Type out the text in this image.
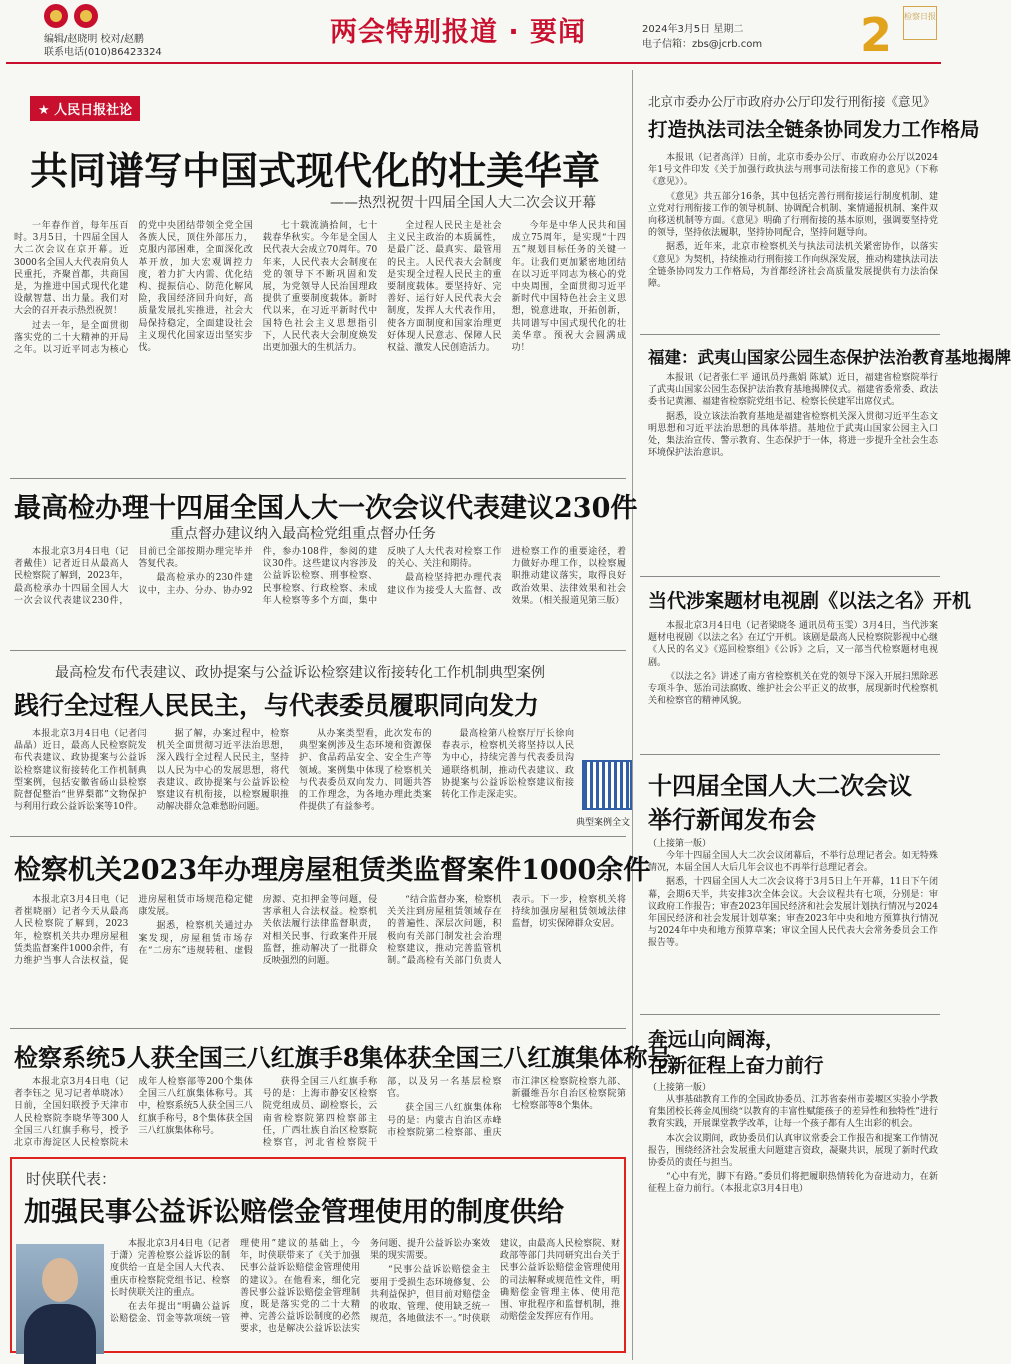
编辑/赵晓明 校对/赵鹏
联系电话(010)86423324
两会特别报道 · 要闻	2024年3月5日 星期二
电子信箱：zbs@jcrb.com 2 检察日报
★ 人民日报社论
共同谱写中国式现代化的壮美华章
——热烈祝贺十四届全国人大二次会议开幕

一年春作首，每年压百时。3月5日，十四届全国人大二次会议在京开幕。近3000名全国人大代表肩负人民重托，齐聚首都，共商国是，为推进中国式现代化建设献智慧、出力量。我们对大会的召开表示热烈祝贺！

过去一年，是全面贯彻落实党的二十大精神的开局之年。以习近平同志为核心的党中央团结带领全党全国各族人民，顶住外部压力，克服内部困难，全面深化改革开放，加大宏观调控力度，着力扩大内需、优化结构、提振信心、防范化解风险，我国经济回升向好，高质量发展扎实推进，社会大局保持稳定，全面建设社会主义现代化国家迈出坚实步伐。

七十载流淌拾间，七十载春华秋实。今年是全国人民代表大会成立70周年。70年来，人民代表大会制度在党的领导下不断巩固和发展，为党领导人民治国理政提供了重要制度载体。新时代以来，在习近平新时代中国特色社会主义思想指引下，人民代表大会制度焕发出更加强大的生机活力。

全过程人民民主是社会主义民主政治的本质属性，是最广泛、最真实、最管用的民主。人民代表大会制度是实现全过程人民民主的重要制度载体。要坚持好、完善好、运行好人民代表大会制度，发挥人大代表作用，使各方面制度和国家治理更好体现人民意志、保障人民权益、激发人民创造活力。

今年是中华人民共和国成立75周年，是实现“十四五”规划目标任务的关键一年。让我们更加紧密地团结在以习近平同志为核心的党中央周围，全面贯彻习近平新时代中国特色社会主义思想，锐意进取，开拓创新，共同谱写中国式现代化的壮美华章。预祝大会圆满成功！

最高检办理十四届全国人大一次会议代表建议230件
重点督办建议纳入最高检党组重点督办任务

本报北京3月4日电（记者戴佳）记者近日从最高人民检察院了解到，2023年，最高检承办十四届全国人大一次会议代表建议230件，目前已全部按期办理完毕并答复代表。

最高检承办的230件建议中，主办、分办、协办92件，参办108件，参阅的建议30件。这些建议内容涉及公益诉讼检察、刑事检察、民事检察、行政检察、未成年人检察等多个方面，集中反映了人大代表对检察工作的关心、关注和期待。

最高检坚持把办理代表建议作为接受人大监督、改进检察工作的重要途径，着力做好办理工作，以检察履职推动建议落实，取得良好政治效果、法律效果和社会效果。（相关报道见第三版）

最高检发布代表建议、政协提案与公益诉讼检察建议衔接转化工作机制典型案例
践行全过程人民民主，与代表委员履职同向发力

本报北京3月4日电（记者闫晶晶）近日，最高人民检察院发布代表建议、政协提案与公益诉讼检察建议衔接转化工作机制典型案例，包括安徽省砀山县检察院督促整治“世界梨都”文物保护与利用行政公益诉讼案等10件。

据了解，办案过程中，检察机关全面贯彻习近平法治思想，深入践行全过程人民民主，坚持以人民为中心的发展思想，将代表建议、政协提案与公益诉讼检察建议有机衔接，以检察履职推动解决群众急难愁盼问题。

从办案类型看，此次发布的典型案例涉及生态环境和资源保护、食品药品安全、安全生产等领域。案例集中体现了检察机关与代表委员双向发力、同题共答的工作理念，为各地办理此类案件提供了有益参考。

最高检第八检察厅厅长徐向春表示，检察机关将坚持以人民为中心，持续完善与代表委员沟通联络机制，推动代表建议、政协提案与公益诉讼检察建议衔接转化工作走深走实。

典型案例全文
检察机关2023年办理房屋租赁类监督案件1000余件

本报北京3月4日电（记者崔晓丽）记者今天从最高人民检察院了解到，2023年，检察机关共办理房屋租赁类监督案件1000余件，有力维护当事人合法权益，促进房屋租赁市场规范稳定健康发展。

据悉，检察机关通过办案发现，房屋租赁市场存在“二房东”违规转租、虚假房源、克扣押金等问题，侵害承租人合法权益。检察机关依法履行法律监督职责，对相关民事、行政案件开展监督，推动解决了一批群众反映强烈的问题。

“结合监督办案，检察机关关注到房屋租赁领域存在的普遍性、深层次问题，积极向有关部门制发社会治理检察建议，推动完善监管机制。”最高检有关部门负责人表示。下一步，检察机关将持续加强房屋租赁领域法律监督，切实保障群众安居。

检察系统5人获全国三八红旗手8集体获全国三八红旗集体称号

本报北京3月4日电（记者李钰之 见习记者单晓冰）日前，全国妇联授予天津市人民检察院李晓华等300人全国三八红旗手称号，授予北京市海淀区人民检察院未成年人检察部等200个集体全国三八红旗集体称号。其中，检察系统5人获全国三八红旗手称号，8个集体获全国三八红旗集体称号。

获得全国三八红旗手称号的是：上海市静安区检察院党组成员、副检察长，云南省检察院第四检察部主任，广西壮族自治区检察院检察官，河北省检察院干部，以及另一名基层检察官。

获全国三八红旗集体称号的是：内蒙古自治区赤峰市检察院第二检察部、重庆市江津区检察院检察九部、新疆维吾尔自治区检察院第七检察部等8个集体。

时侠联代表：
加强民事公益诉讼赔偿金管理使用的制度供给

本报北京3月4日电（记者于潇）完善检察公益诉讼的制度供给一直是全国人大代表、重庆市检察院党组书记、检察长时侠联关注的重点。

在去年提出“明确公益诉讼赔偿金、罚金等款项统一管理使用”建议的基础上，今年，时侠联带来了《关于加强民事公益诉讼赔偿金管理使用的建议》。在他看来，细化完善民事公益诉讼赔偿金管理制度，既是落实党的二十大精神、完善公益诉讼制度的必然要求，也是解决公益诉讼法实务问题、提升公益诉讼办案效果的现实需要。

“民事公益诉讼赔偿金主要用于受损生态环境修复、公共利益保护，但目前对赔偿金的收取、管理、使用缺乏统一规范，各地做法不一。”时侠联建议，由最高人民检察院、财政部等部门共同研究出台关于民事公益诉讼赔偿金管理使用的司法解释或规范性文件，明确赔偿金管理主体、使用范围、审批程序和监督机制，推动赔偿金发挥应有作用。

北京市委办公厅市政府办公厅印发行刑衔接《意见》
打造执法司法全链条协同发力工作格局

本报讯（记者高洋）日前，北京市委办公厅、市政府办公厅以2024年1号文件印发《关于加强行政执法与刑事司法衔接工作的意见》（下称《意见》）。

《意见》共五部分16条，其中包括完善行刑衔接运行制度机制、建立党对行刑衔接工作的领导机制、协调配合机制、案情通报机制、案件双向移送机制等方面。《意见》明确了行刑衔接的基本原则，强调要坚持党的领导，坚持依法履职，坚持协同配合，坚持问题导向。

据悉，近年来，北京市检察机关与执法司法机关紧密协作，以落实《意见》为契机，持续推动行刑衔接工作向纵深发展，推动构建执法司法全链条协同发力工作格局，为首都经济社会高质量发展提供有力法治保障。

福建：武夷山国家公园生态保护法治教育基地揭牌

本报讯（记者张仁平 通讯员丹燕娟 陈斌）近日，福建省检察院举行了武夷山国家公园生态保护法治教育基地揭牌仪式。福建省委常委、政法委书记黄湘、福建省检察院党组书记、检察长侯建军出席仪式。

据悉，设立该法治教育基地是福建省检察机关深入贯彻习近平生态文明思想和习近平法治思想的具体举措。基地位于武夷山国家公园主入口处，集法治宣传、警示教育、生态保护于一体，将进一步提升全社会生态环境保护法治意识。

当代涉案题材电视剧《以法之名》开机

本报北京3月4日电（记者梁晓冬 通讯员苟玉雯）3月4日，当代涉案题材电视剧《以法之名》在辽宁开机。该剧是最高人民检察院影视中心继《人民的名义》《巡回检察组》《公诉》之后，又一部当代检察题材电视剧。

《以法之名》讲述了南方省检察机关在党的领导下深入开展扫黑除恶专项斗争、惩治司法腐败、维护社会公平正义的故事，展现新时代检察机关和检察官的精神风貌。

十四届全国人大二次会议
举行新闻发布会
（上接第一版）

今年十四届全国人大二次会议闭幕后，不举行总理记者会。如无特殊情况，本届全国人大后几年会议也不再举行总理记者会。

据悉，十四届全国人大二次会议将于3月5日上午开幕，11日下午闭幕，会期6天半，共安排3次全体会议。大会议程共有七项，分别是：审议政府工作报告；审查2023年国民经济和社会发展计划执行情况与2024年国民经济和社会发展计划草案；审查2023年中央和地方预算执行情况与2024年中央和地方预算草案；审议全国人民代表大会常务委员会工作报告等。

奔远山向阔海，
在新征程上奋力前行
（上接第一版）

从事基础教育工作的全国政协委员、江苏省泰州市姜堰区实验小学教育集团校长蒋金凤围绕“以教育的丰富性赋能孩子的差异性和独特性”进行教育实践，开展课堂教学改革，让每一个孩子都有人生出彩的机会。

本次会议期间，政协委员们认真审议常委会工作报告和提案工作情况报告，围绕经济社会发展重大问题建言资政，凝聚共识，展现了新时代政协委员的责任与担当。

“心中有光，脚下有路。”委员们将把履职热情转化为奋进动力，在新征程上奋力前行。（本报北京3月4日电）
